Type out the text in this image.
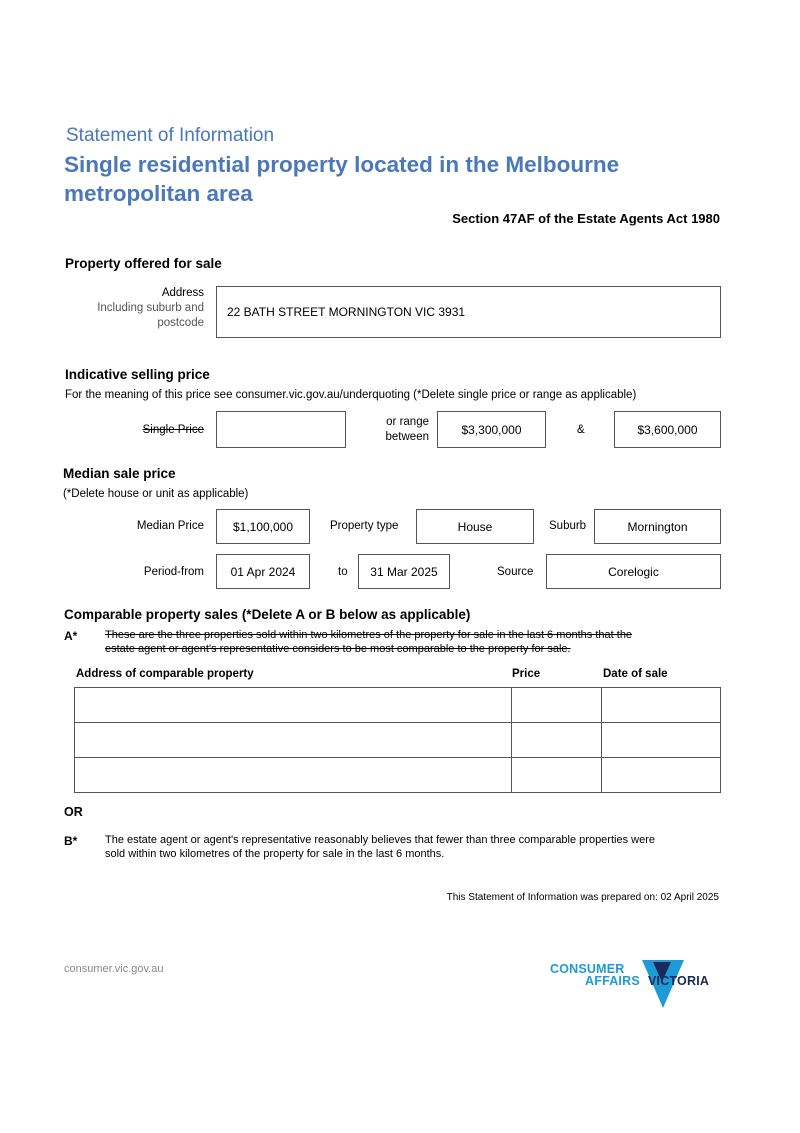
Statement of Information
Single residential property located in the Melbourne
metropolitan area
Section 47AF of the Estate Agents Act 1980
Property offered for sale
Address
Including suburb and
postcode
22 BATH STREET MORNINGTON VIC 3931
Indicative selling price
For the meaning of this price see consumer.vic.gov.au/underquoting (*Delete single price or range as applicable)
Single Price
or range
between
$3,300,000	&	$3,600,000
Median sale price
(*Delete house or unit as applicable)
Median Price $1,100,000	Property type	House	Suburb	Mornington
Period-from 01 Apr 2024	to 31 Mar 2025	Source	Corelogic
Comparable property sales (*Delete A or B below as applicable)
A*	These are the three properties sold within two kilometres of the property for sale in the last 6 months that the
estate agent or agent's representative considers to be most comparable to the property for sale.
Address of comparable property	Price	Date of sale

OR
B*	The estate agent or agent's representative reasonably believes that fewer than three comparable properties were
sold within two kilometres of the property for sale in the last 6 months.
This Statement of Information was prepared on: 02 April 2025
consumer.vic.gov.au	CONSUMER
AFFAIRS VICTORIA
